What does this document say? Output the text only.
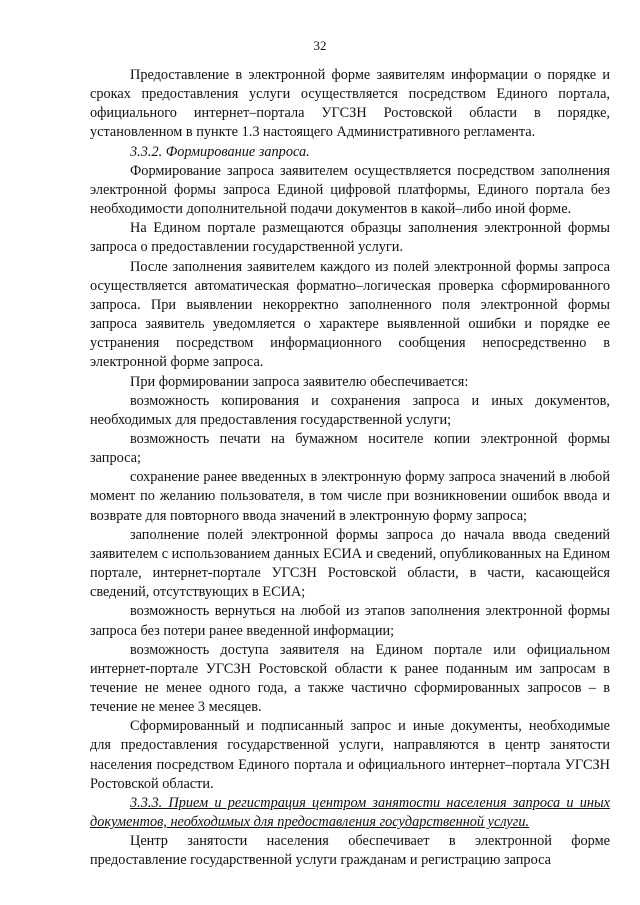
32

Предоставление в электронной форме заявителям информации о порядке и сроках предоставления услуги осуществляется посредством Единого портала, официального интернет–портала УГСЗН Ростовской области в порядке, установленном в пункте 1.3 настоящего Административного регламента.

3.3.2. Формирование запроса.

Формирование запроса заявителем осуществляется посредством заполнения электронной формы запроса Единой цифровой платформы, Единого портала без необходимости дополнительной подачи документов в какой–либо иной форме.

На Едином портале размещаются образцы заполнения электронной формы запроса о предоставлении государственной услуги.

После заполнения заявителем каждого из полей электронной формы запроса осуществляется автоматическая форматно–логическая проверка сформированного запроса. При выявлении некорректно заполненного поля электронной формы запроса заявитель уведомляется о характере выявленной ошибки и порядке ее устранения посредством информационного сообщения непосредственно в электронной форме запроса.

При формировании запроса заявителю обеспечивается:

возможность копирования и сохранения запроса и иных документов, необходимых для предоставления государственной услуги;

возможность печати на бумажном носителе копии электронной формы запроса;

сохранение ранее введенных в электронную форму запроса значений в любой момент по желанию пользователя, в том числе при возникновении ошибок ввода и возврате для повторного ввода значений в электронную форму запроса;

заполнение полей электронной формы запроса до начала ввода сведений заявителем с использованием данных ЕСИА и сведений, опубликованных на Едином портале, интернет-портале УГСЗН Ростовской области, в части, касающейся сведений, отсутствующих в ЕСИА;

возможность вернуться на любой из этапов заполнения электронной формы запроса без потери ранее введенной информации;

возможность доступа заявителя на Едином портале или официальном интернет-портале УГСЗН Ростовской области к ранее поданным им запросам в течение не менее одного года, а также частично сформированных запросов – в течение не менее 3 месяцев.

Сформированный и подписанный запрос и иные документы, необходимые для предоставления государственной услуги, направляются в центр занятости населения посредством Единого портала и официального интернет–портала УГСЗН Ростовской области.

3.3.3. Прием и регистрация центром занятости населения запроса и иных документов, необходимых для предоставления государственной услуги.

Центр занятости населения обеспечивает в электронной форме предоставление государственной услуги гражданам и регистрацию запроса
